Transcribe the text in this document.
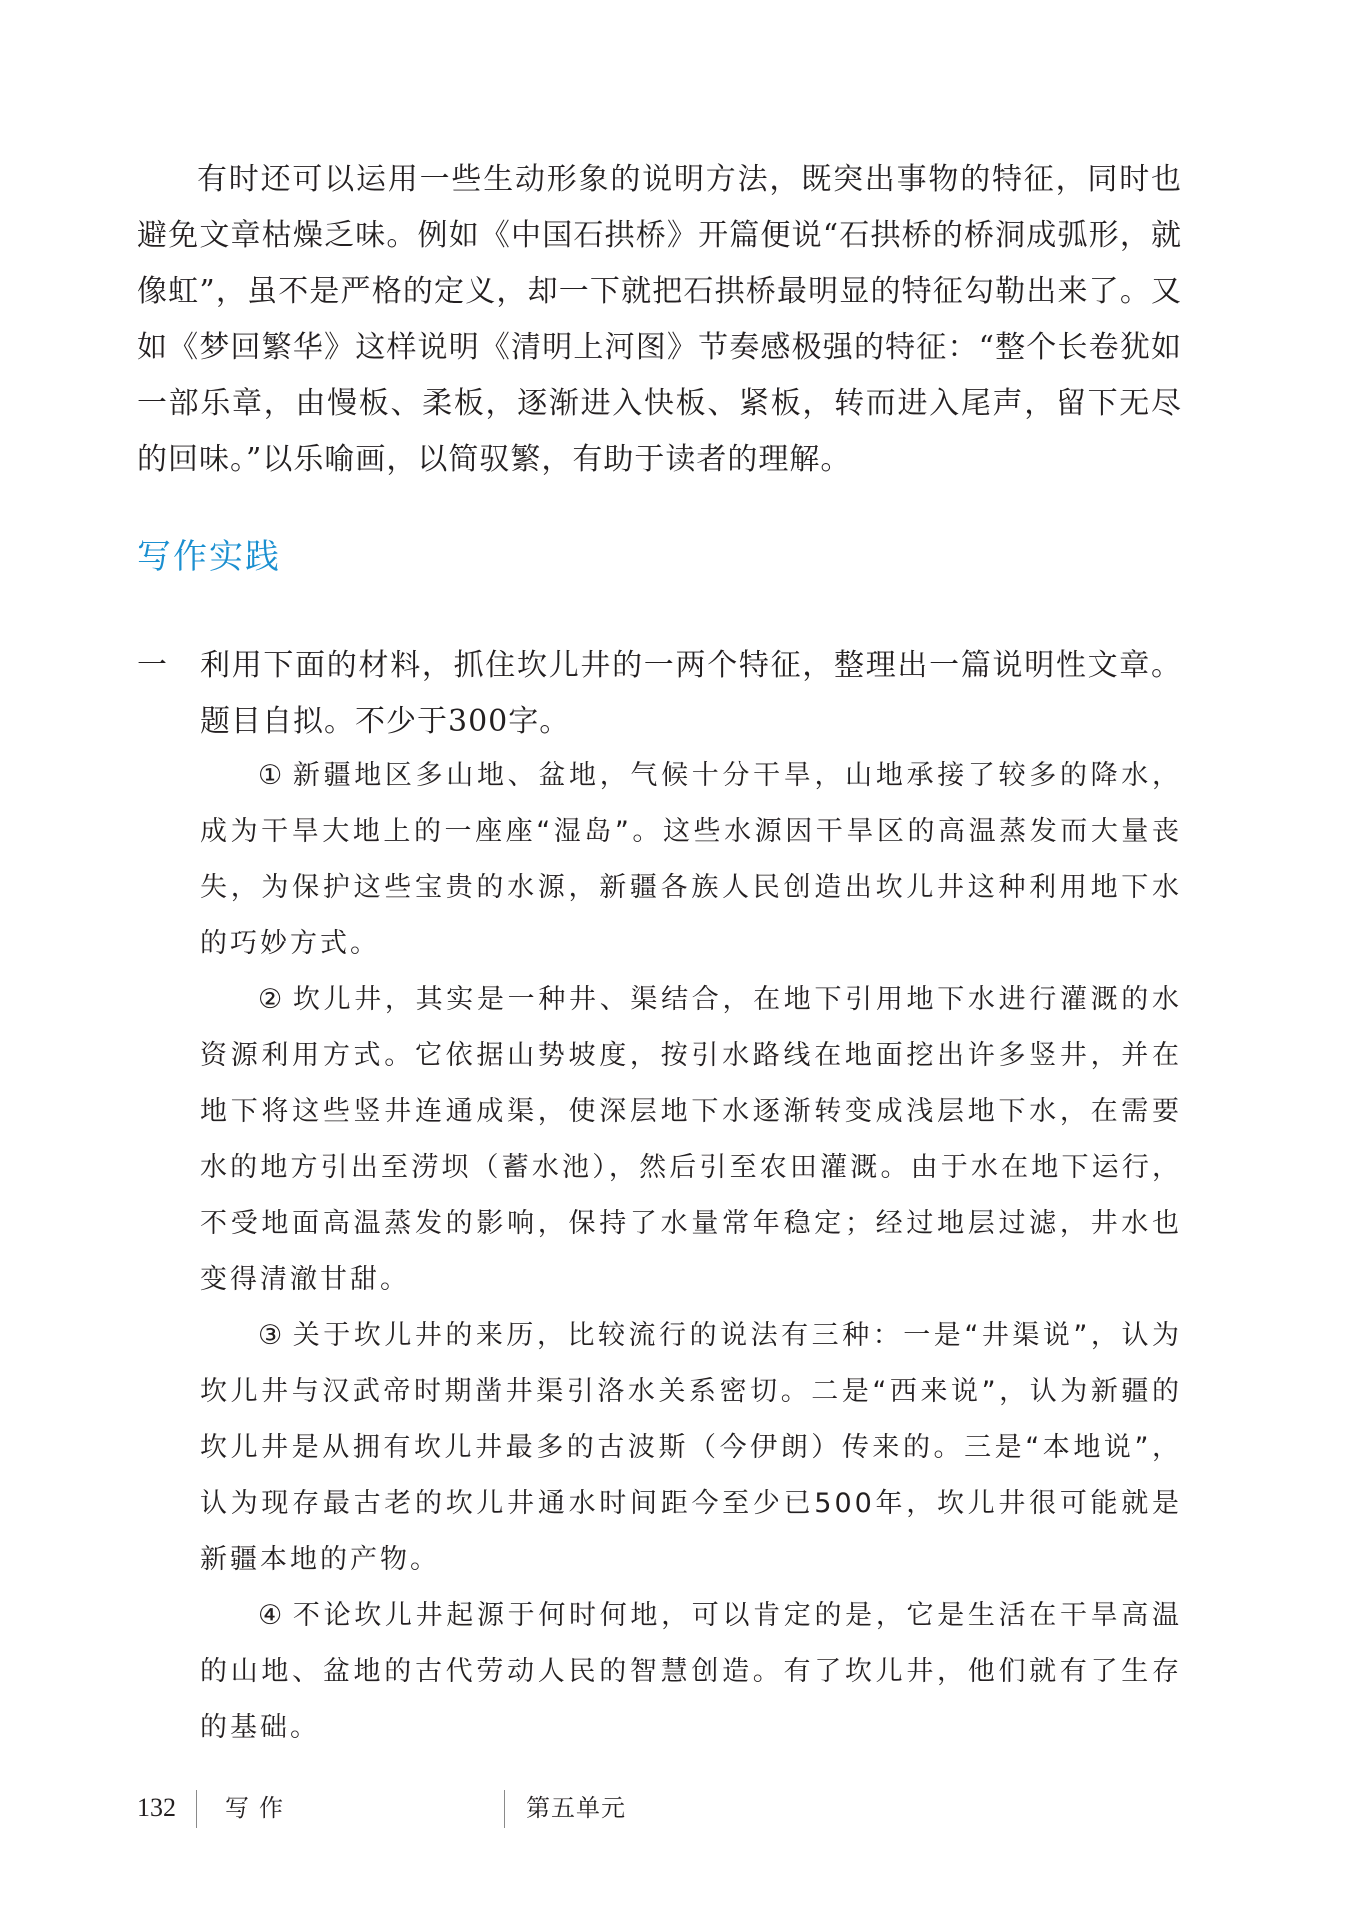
有时还可以运用一些生动形象的说明方法，既突出事物的特征，同时也避免文章枯燥乏味。例如《中国石拱桥》开篇便说“石拱桥的桥洞成弧形，就像虹”，虽不是严格的定义，却一下就把石拱桥最明显的特征勾勒出来了。又如《梦回繁华》这样说明《清明上河图》节奏感极强的特征：“整个长卷犹如一部乐章，由慢板、柔板，逐渐进入快板、紧板，转而进入尾声，留下无尽的回味。”以乐喻画，以简驭繁，有助于读者的理解。

写作实践
一 利用下面的材料，抓住坎儿井的一两个特征，整理出一篇说明性文章。题目自拟。不少于300字。

① 新疆地区多山地、盆地，气候十分干旱，山地承接了较多的降水，成为干旱大地上的一座座“湿岛”。这些水源因干旱区的高温蒸发而大量丧失，为保护这些宝贵的水源，新疆各族人民创造出坎儿井这种利用地下水的巧妙方式。

② 坎儿井，其实是一种井、渠结合，在地下引用地下水进行灌溉的水资源利用方式。它依据山势坡度，按引水路线在地面挖出许多竖井，并在地下将这些竖井连通成渠，使深层地下水逐渐转变成浅层地下水，在需要水的地方引出至涝坝（蓄水池），然后引至农田灌溉。由于水在地下运行，不受地面高温蒸发的影响，保持了水量常年稳定；经过地层过滤，井水也变得清澈甘甜。

③ 关于坎儿井的来历，比较流行的说法有三种：一是“井渠说”，认为坎儿井与汉武帝时期凿井渠引洛水关系密切。二是“西来说”，认为新疆的坎儿井是从拥有坎儿井最多的古波斯（今伊朗）传来的。三是“本地说”，认为现存最古老的坎儿井通水时间距今至少已500年，坎儿井很可能就是新疆本地的产物。

④ 不论坎儿井起源于何时何地，可以肯定的是，它是生活在干旱高温的山地、盆地的古代劳动人民的智慧创造。有了坎儿井，他们就有了生存的基础。

132 写作	第五单元
